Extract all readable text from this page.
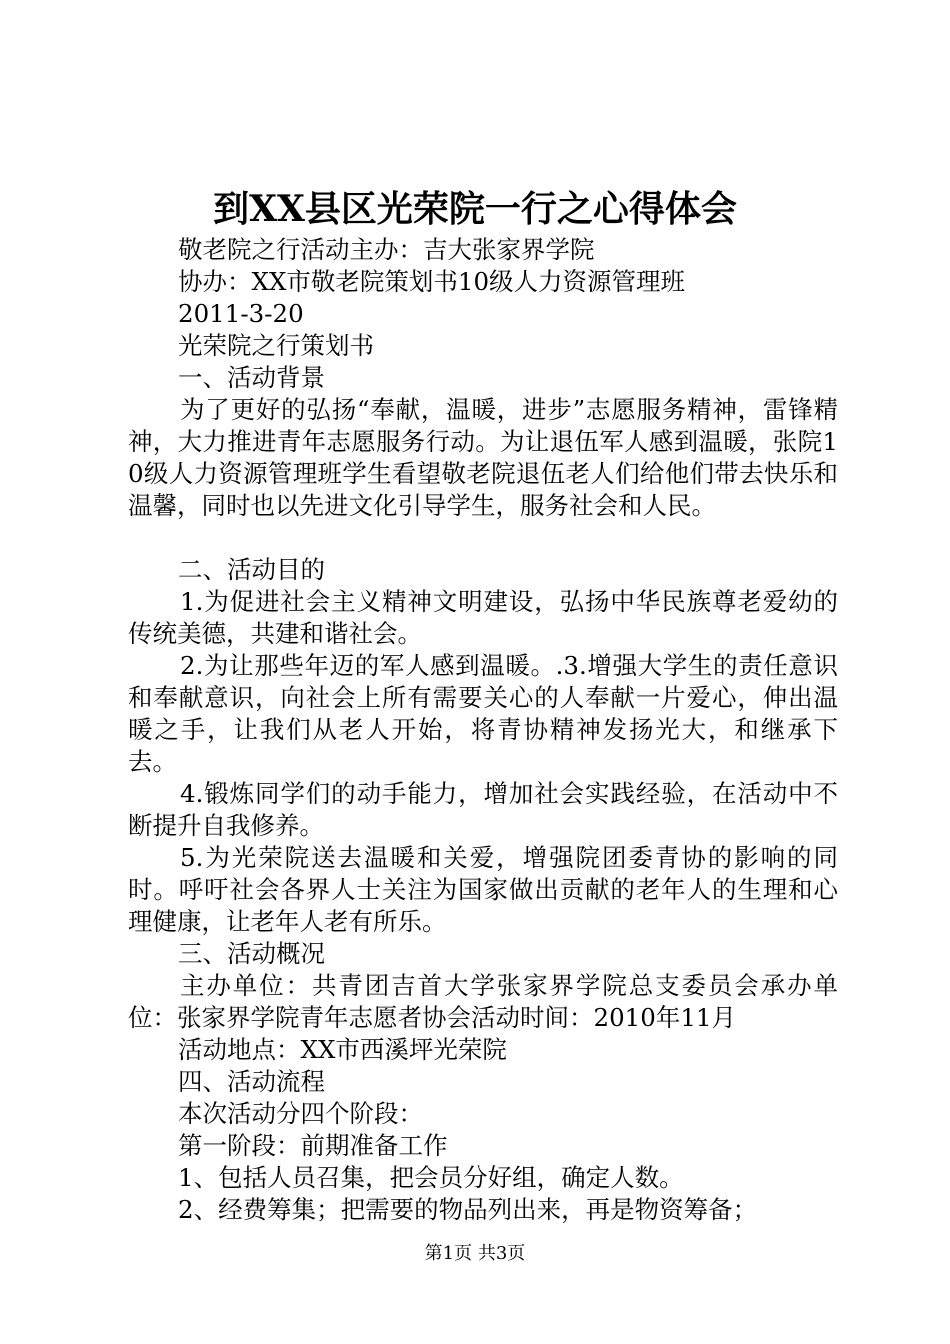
到XX县区光荣院一行之心得体会
敬老院之行活动主办：吉大张家界学院
协办：XX市敬老院策划书10级人力资源管理班
2011-3-20
光荣院之行策划书
一、活动背景
为了更好的弘扬“奉献，温暖，进步”志愿服务精神，雷锋精神，大力推进青年志愿服务行动。为让退伍军人感到温暖，张院10级人力资源管理班学生看望敬老院退伍老人们给他们带去快乐和温馨，同时也以先进文化引导学生，服务社会和人民。
二、活动目的
1.为促进社会主义精神文明建设，弘扬中华民族尊老爱幼的传统美德，共建和谐社会。
2.为让那些年迈的军人感到温暖。.3.增强大学生的责任意识和奉献意识，向社会上所有需要关心的人奉献一片爱心，伸出温暖之手，让我们从老人开始，将青协精神发扬光大，和继承下去。
4.锻炼同学们的动手能力，增加社会实践经验，在活动中不断提升自我修养。
5.为光荣院送去温暖和关爱，增强院团委青协的影响的同时。呼吁社会各界人士关注为国家做出贡献的老年人的生理和心理健康，让老年人老有所乐。
三、活动概况
主办单位：共青团吉首大学张家界学院总支委员会承办单位：张家界学院青年志愿者协会活动时间：2010年11月
活动地点：XX市西溪坪光荣院
四、活动流程
本次活动分四个阶段：
第一阶段：前期准备工作
1、包括人员召集，把会员分好组，确定人数。
2、经费筹集；把需要的物品列出来，再是物资筹备；
第1页 共3页
